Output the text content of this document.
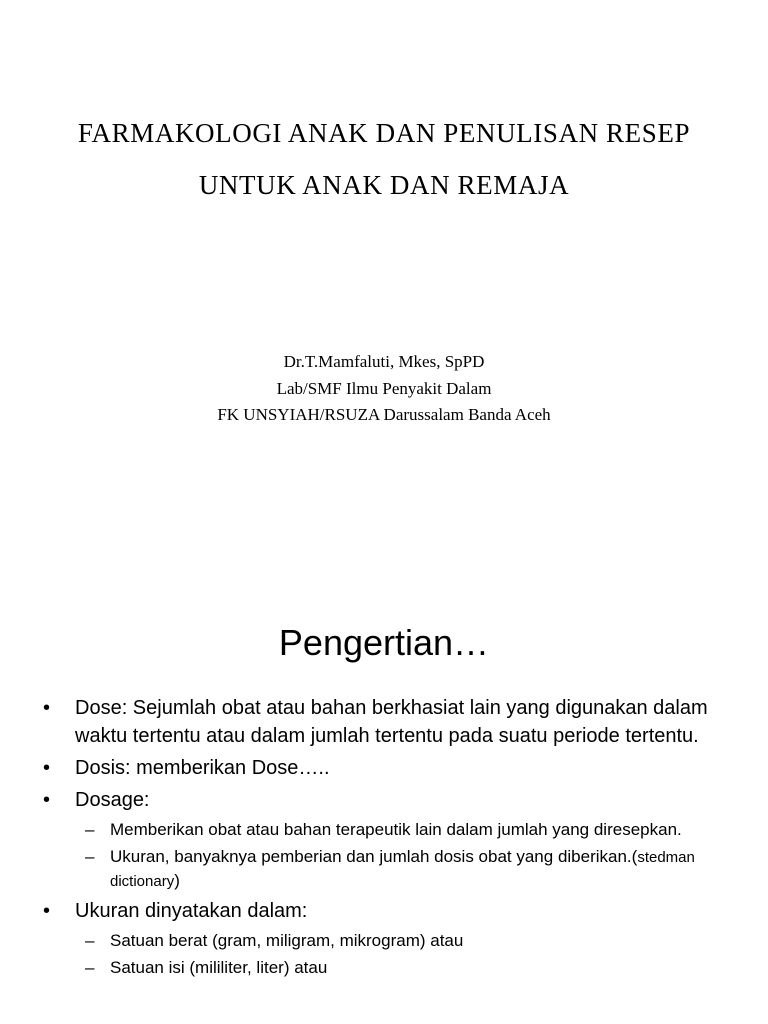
FARMAKOLOGI ANAK DAN PENULISAN RESEP
UNTUK ANAK DAN REMAJA
Dr.T.Mamfaluti, Mkes, SpPD
Lab/SMF Ilmu Penyakit Dalam
FK UNSYIAH/RSUZA Darussalam Banda Aceh
Pengertian…
• Dose: Sejumlah obat atau bahan berkhasiat lain yang digunakan dalam waktu tertentu atau dalam jumlah tertentu pada suatu periode tertentu.
• Dosis: memberikan Dose…..
• Dosage:
– Memberikan obat atau bahan terapeutik lain dalam jumlah yang diresepkan.
– Ukuran, banyaknya pemberian dan jumlah dosis obat yang diberikan.(stedman dictionary)
• Ukuran dinyatakan dalam:
– Satuan berat (gram, miligram, mikrogram) atau
– Satuan isi (mililiter, liter) atau
